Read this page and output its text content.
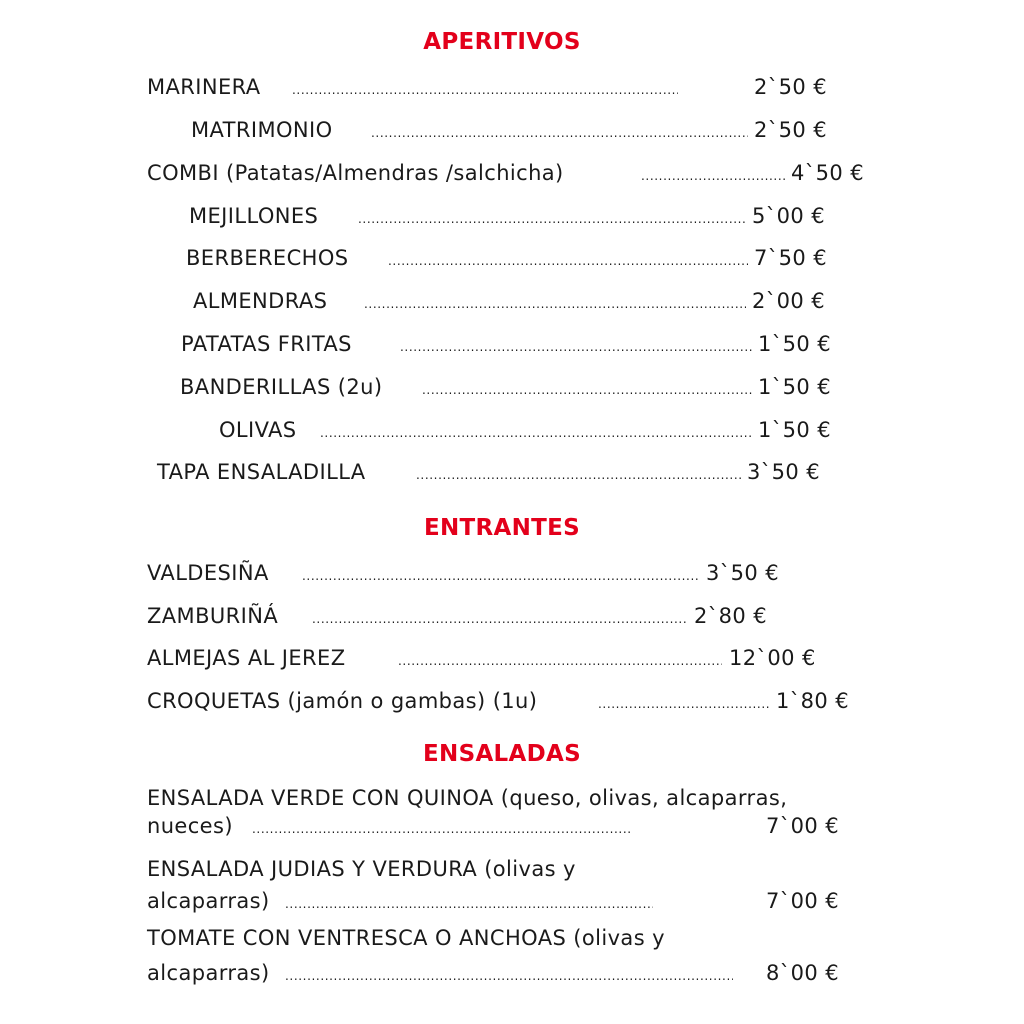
APERITIVOS
MARINERA .....	2`50 €
MATRIMONIO .....	2`50 €
COMBI (Patatas/Almendras /salchicha) .....	4`50 €
MEJILLONES .....	5`00 €
BERBERECHOS .....	7`50 €
ALMENDRAS .....	2`00 €
PATATAS FRITAS .....	1`50 €
BANDERILLAS (2u) .....	1`50 €
OLIVAS .....	1`50 €
TAPA ENSALADILLA .....	3`50 €
ENTRANTES
VALDESIÑA .....	3`50 €
ZAMBURIÑÁ .....	2`80 €
ALMEJAS AL JEREZ .....	12`00 €
CROQUETAS (jamón o gambas) (1u) .....	1`80 €
ENSALADAS
ENSALADA VERDE CON QUINOA (queso, olivas, alcaparras,
nueces) .....	7`00 €
ENSALADA JUDIAS Y VERDURA (olivas y
alcaparras) .....	7`00 €
TOMATE CON VENTRESCA O ANCHOAS (olivas y
alcaparras) .....	8`00 €
